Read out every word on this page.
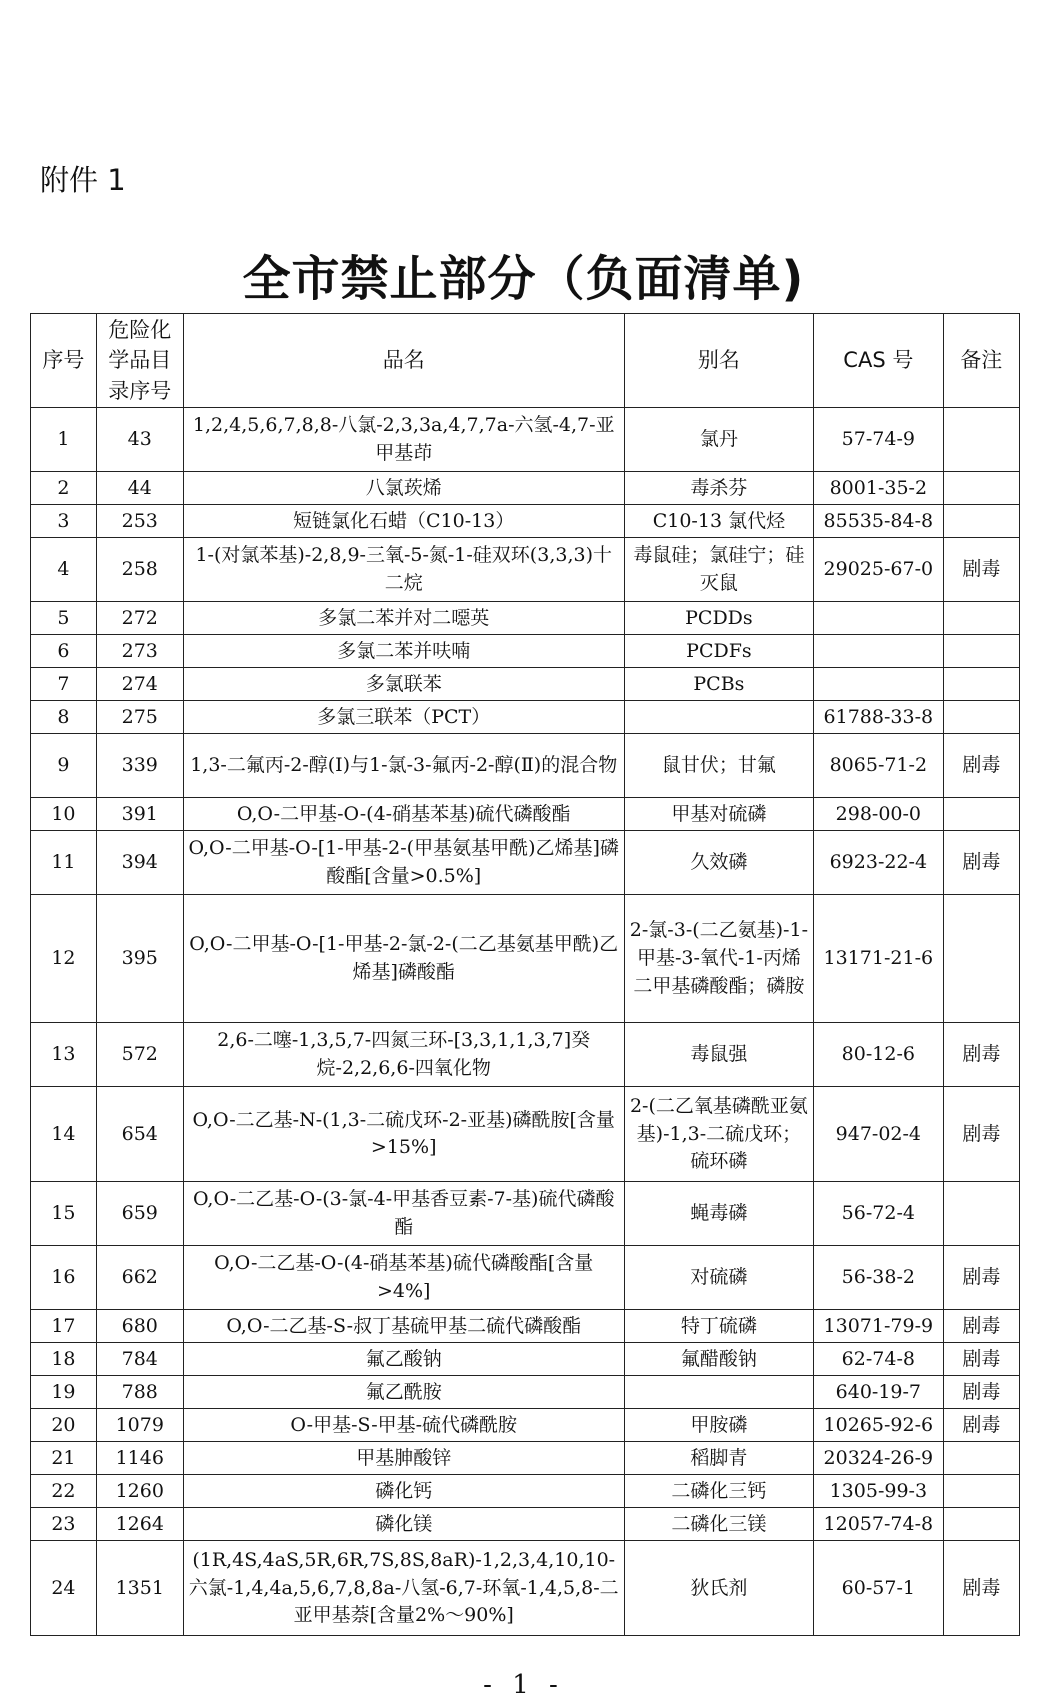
附件 1
全市禁止部分（负面清单)
序号	危险化学品目录序号	品名	别名	CAS 号	备注
1	43	1,2,4,5,6,7,8,8-八氯-2,3,3a,4,7,7a-六氢-4,7-亚甲基茚	氯丹	57-74-9	
2	44	八氯莰烯	毒杀芬	8001-35-2	
3	253	短链氯化石蜡（C10-13）	C10-13 氯代烃	85535-84-8	
4	258	1-(对氯苯基)-2,8,9-三氧-5-氮-1-硅双环(3,3,3)十二烷	毒鼠硅；氯硅宁；硅灭鼠	29025-67-0	剧毒
5	272	多氯二苯并对二噁英	PCDDs		
6	273	多氯二苯并呋喃	PCDFs		
7	274	多氯联苯	PCBs		
8	275	多氯三联苯（PCT）		61788-33-8	
9	339	1,3-二氟丙-2-醇(Ⅰ)与1-氯-3-氟丙-2-醇(Ⅱ)的混合物	鼠甘伏；甘氟	8065-71-2	剧毒
10	391	O,O-二甲基-O-(4-硝基苯基)硫代磷酸酯	甲基对硫磷	298-00-0	
11	394	O,O-二甲基-O-[1-甲基-2-(甲基氨基甲酰)乙烯基]磷酸酯[含量>0.5%]	久效磷	6923-22-4	剧毒
12	395	O,O-二甲基-O-[1-甲基-2-氯-2-(二乙基氨基甲酰)乙烯基]磷酸酯	2-氯-3-(二乙氨基)-1-甲基-3-氧代-1-丙烯二甲基磷酸酯；磷胺	13171-21-6	
13	572	2,6-二噻-1,3,5,7-四氮三环-[3,3,1,1,3,7]癸烷-2,2,6,6-四氧化物	毒鼠强	80-12-6	剧毒
14	654	O,O-二乙基-N-(1,3-二硫戊环-2-亚基)磷酰胺[含量>15%]	2-(二乙氧基磷酰亚氨基)-1,3-二硫戊环；硫环磷	947-02-4	剧毒
15	659	O,O-二乙基-O-(3-氯-4-甲基香豆素-7-基)硫代磷酸酯	蝇毒磷	56-72-4	
16	662	O,O-二乙基-O-(4-硝基苯基)硫代磷酸酯[含量>4%]	对硫磷	56-38-2	剧毒
17	680	O,O-二乙基-S-叔丁基硫甲基二硫代磷酸酯	特丁硫磷	13071-79-9	剧毒
18	784	氟乙酸钠	氟醋酸钠	62-74-8	剧毒
19	788	氟乙酰胺		640-19-7	剧毒
20	1079	O-甲基-S-甲基-硫代磷酰胺	甲胺磷	10265-92-6	剧毒
21	1146	甲基胂酸锌	稻脚青	20324-26-9	
22	1260	磷化钙	二磷化三钙	1305-99-3	
23	1264	磷化镁	二磷化三镁	12057-74-8	
24	1351	(1R,4S,4aS,5R,6R,7S,8S,8aR)-1,2,3,4,10,10-六氯-1,4,4a,5,6,7,8,8a-八氢-6,7-环氧-1,4,5,8-二亚甲基萘[含量2%～90%]	狄氏剂	60-57-1	剧毒
- 1 -
